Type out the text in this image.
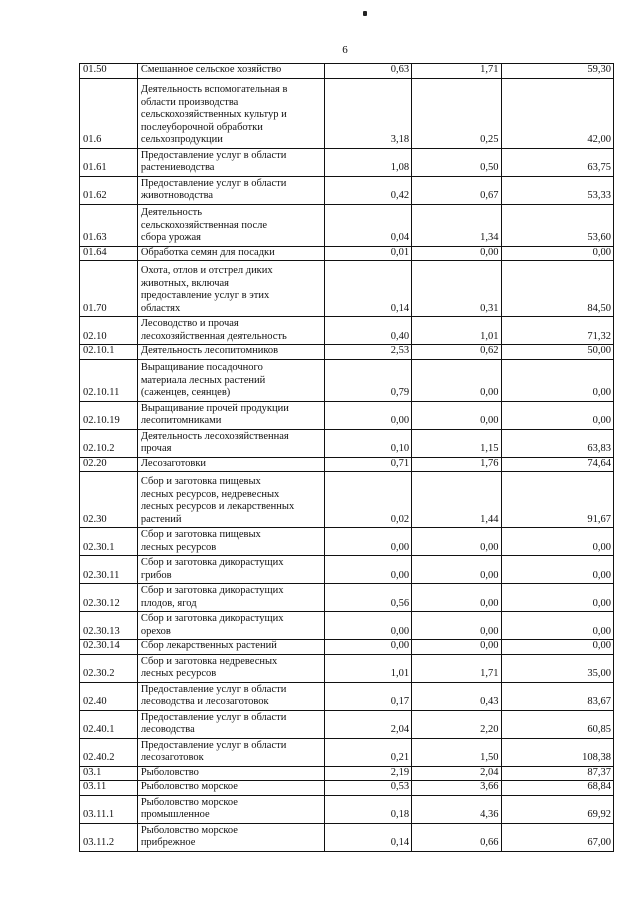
6
01.50	Смешанное сельское хозяйство	0,63	1,71	59,30
01.6	Деятельность вспомогательная в
области производства
сельскохозяйственных культур и
послеуборочной обработки
сельхозпродукции	3,18	0,25	42,00
01.61	Предоставление услуг в области
растениеводства	1,08	0,50	63,75
01.62	Предоставление услуг в области
животноводства	0,42	0,67	53,33
01.63	Деятельность
сельскохозяйственная после
сбора урожая	0,04	1,34	53,60
01.64	Обработка семян для посадки	0,01	0,00	0,00
01.70	Охота, отлов и отстрел диких
животных, включая
предоставление услуг в этих
областях	0,14	0,31	84,50
02.10	Лесоводство и прочая
лесохозяйственная деятельность	0,40	1,01	71,32
02.10.1	Деятельность лесопитомников	2,53	0,62	50,00
02.10.11	Выращивание посадочного
материала лесных растений
(саженцев, сеянцев)	0,79	0,00	0,00
02.10.19	Выращивание прочей продукции
лесопитомниками	0,00	0,00	0,00
02.10.2	Деятельность лесохозяйственная
прочая	0,10	1,15	63,83
02.20	Лесозаготовки	0,71	1,76	74,64
02.30	Сбор и заготовка пищевых
лесных ресурсов, недревесных
лесных ресурсов и лекарственных
растений	0,02	1,44	91,67
02.30.1	Сбор и заготовка пищевых
лесных ресурсов	0,00	0,00	0,00
02.30.11	Сбор и заготовка дикорастущих
грибов	0,00	0,00	0,00
02.30.12	Сбор и заготовка дикорастущих
плодов, ягод	0,56	0,00	0,00
02.30.13	Сбор и заготовка дикорастущих
орехов	0,00	0,00	0,00
02.30.14	Сбор лекарственных растений	0,00	0,00	0,00
02.30.2	Сбор и заготовка недревесных
лесных ресурсов	1,01	1,71	35,00
02.40	Предоставление услуг в области
лесоводства и лесозаготовок	0,17	0,43	83,67
02.40.1	Предоставление услуг в области
лесоводства	2,04	2,20	60,85
02.40.2	Предоставление услуг в области
лесозаготовок	0,21	1,50	108,38
03.1	Рыболовство	2,19	2,04	87,37
03.11	Рыболовство морское	0,53	3,66	68,84
03.11.1	Рыболовство морское
промышленное	0,18	4,36	69,92
03.11.2	Рыболовство морское
прибрежное	0,14	0,66	67,00
